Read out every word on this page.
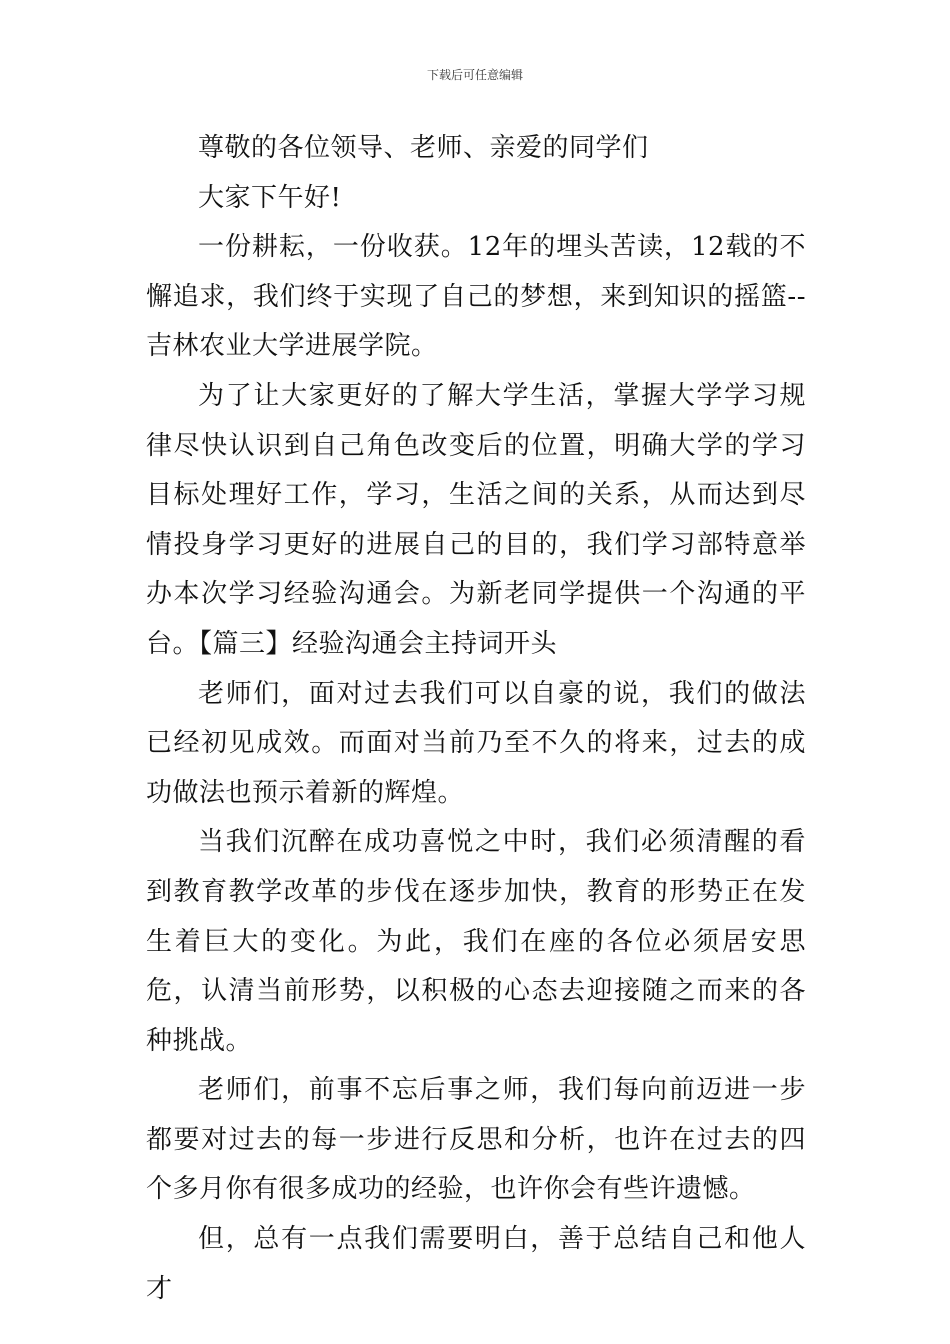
下载后可任意编辑

尊敬的各位领导、老师、亲爱的同学们

大家下午好!

一份耕耘，一份收获。12年的埋头苦读，12载的不懈追求，我们终于实现了自己的梦想，来到知识的摇篮--吉林农业大学进展学院。

为了让大家更好的了解大学生活，掌握大学学习规律尽快认识到自己角色改变后的位置，明确大学的学习目标处理好工作，学习，生活之间的关系，从而达到尽情投身学习更好的进展自己的目的，我们学习部特意举办本次学习经验沟通会。为新老同学提供一个沟通的平台。【篇三】经验沟通会主持词开头

老师们，面对过去我们可以自豪的说，我们的做法已经初见成效。而面对当前乃至不久的将来，过去的成功做法也预示着新的辉煌。

当我们沉醉在成功喜悦之中时，我们必须清醒的看到教育教学改革的步伐在逐步加快，教育的形势正在发生着巨大的变化。为此，我们在座的各位必须居安思危，认清当前形势，以积极的心态去迎接随之而来的各种挑战。

老师们，前事不忘后事之师，我们每向前迈进一步都要对过去的每一步进行反思和分析，也许在过去的四个多月你有很多成功的经验，也许你会有些许遗憾。

但，总有一点我们需要明白，善于总结自己和他人才
